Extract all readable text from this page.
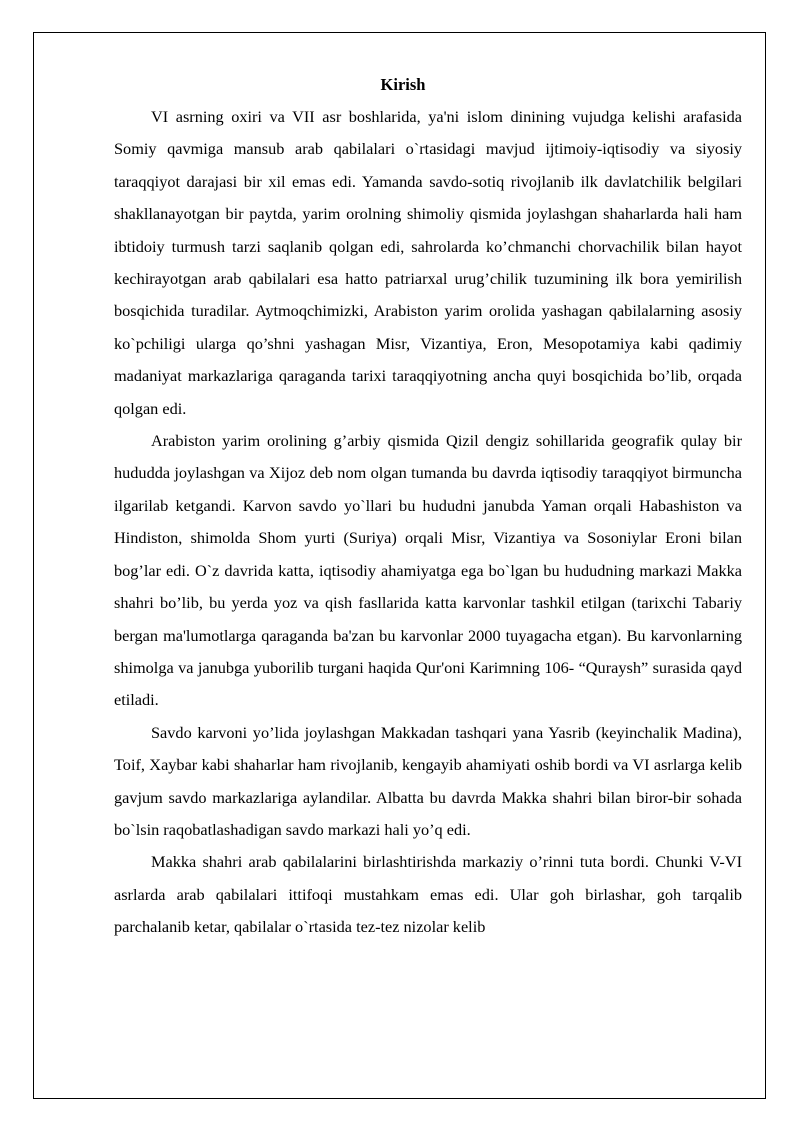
Kirish

VI asrning oxiri va VII asr boshlarida, ya'ni islom dinining vujudga kelishi arafasida Somiy qavmiga mansub arab qabilalari o`rtasidagi mavjud ijtimoiy-iqtisodiy va siyosiy taraqqiyot darajasi bir xil emas edi. Yamanda savdo-sotiq rivojlanib ilk davlatchilik belgilari shakllanayotgan bir paytda, yarim orolning shimoliy qismida joylashgan shaharlarda hali ham ibtidoiy turmush tarzi saqlanib qolgan edi, sahrolarda ko’chmanchi chorvachilik bilan hayot kechirayotgan arab qabilalari esa hatto patriarxal urug’chilik tuzumining ilk bora yemirilish bosqichida turadilar. Aytmoqchimizki, Arabiston yarim orolida yashagan qabilalarning asosiy ko`pchiligi ularga qo’shni yashagan Misr, Vizantiya, Eron, Mesopotamiya kabi qadimiy madaniyat markazlariga qaraganda tarixi taraqqiyotning ancha quyi bosqichida bo’lib, orqada qolgan edi.

Arabiston yarim orolining g’arbiy qismida Qizil dengiz sohillarida geografik qulay bir hududda joylashgan va Xijoz deb nom olgan tumanda bu davrda iqtisodiy taraqqiyot birmuncha ilgarilab ketgandi. Karvon savdo yo`llari bu hududni janubda Yaman orqali Habashiston va Hindiston, shimolda Shom yurti (Suriya) orqali Misr, Vizantiya va Sosoniylar Eroni bilan bog’lar edi. O`z davrida katta, iqtisodiy ahamiyatga ega bo`lgan bu hududning markazi Makka shahri bo’lib, bu yerda yoz va qish fasllarida katta karvonlar tashkil etilgan (tarixchi Tabariy bergan ma'lumotlarga qaraganda ba'zan bu karvonlar 2000 tuyagacha etgan). Bu karvonlarning shimolga va janubga yuborilib turgani haqida Qur'oni Karimning 106- “Quraysh” surasida qayd etiladi.

Savdo karvoni yo’lida joylashgan Makkadan tashqari yana Yasrib (keyinchalik Madina), Toif, Xaybar kabi shaharlar ham rivojlanib, kengayib ahamiyati oshib bordi va VI asrlarga kelib gavjum savdo markazlariga aylandilar. Albatta bu davrda Makka shahri bilan biror-bir sohada bo`lsin raqobatlashadigan savdo markazi hali yo’q edi.

Makka shahri arab qabilalarini birlashtirishda markaziy o’rinni tuta bordi. Chunki V-VI asrlarda arab qabilalari ittifoqi mustahkam emas edi. Ular goh birlashar, goh tarqalib parchalanib ketar, qabilalar o`rtasida tez-tez nizolar kelib
